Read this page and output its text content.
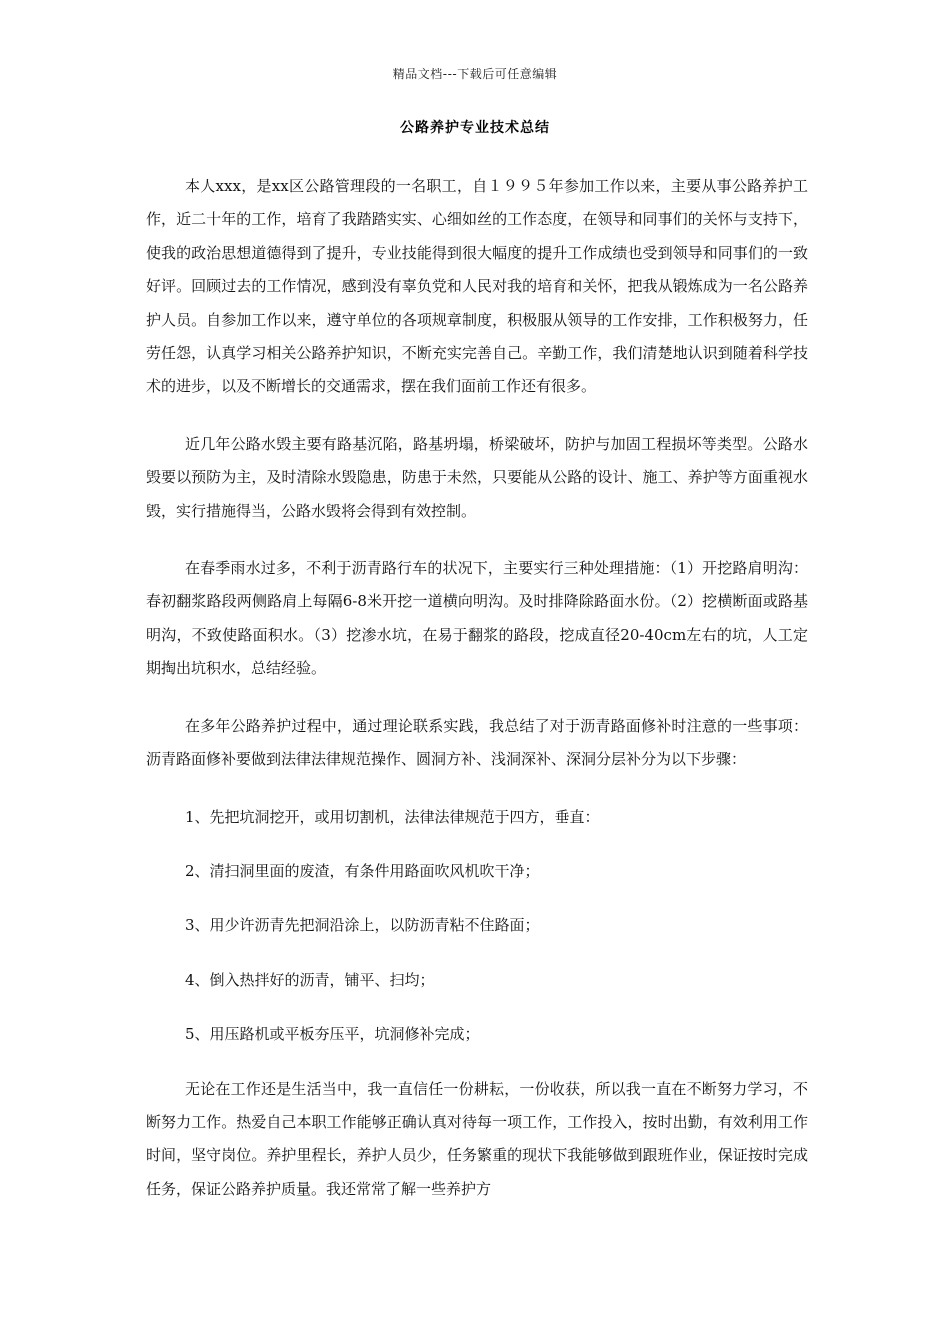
精品文档---下载后可任意编辑
公路养护专业技术总结

本人xxx，是xx区公路管理段的一名职工，自１９９５年参加工作以来，主要从事公路养护工作，近二十年的工作，培育了我踏踏实实、心细如丝的工作态度，在领导和同事们的关怀与支持下，使我的政治思想道德得到了提升，专业技能得到很大幅度的提升工作成绩也受到领导和同事们的一致好评。回顾过去的工作情况，感到没有辜负党和人民对我的培育和关怀，把我从锻炼成为一名公路养护人员。自参加工作以来，遵守单位的各项规章制度，积极服从领导的工作安排，工作积极努力，任劳任怨，认真学习相关公路养护知识，不断充实完善自己。辛勤工作，我们清楚地认识到随着科学技术的进步，以及不断增长的交通需求，摆在我们面前工作还有很多。

近几年公路水毁主要有路基沉陷，路基坍塌，桥梁破坏，防护与加固工程损坏等类型。公路水毁要以预防为主，及时清除水毁隐患，防患于未然，只要能从公路的设计、施工、养护等方面重视水毁，实行措施得当，公路水毁将会得到有效控制。

在春季雨水过多，不利于沥青路行车的状况下，主要实行三种处理措施：（1）开挖路肩明沟：春初翻浆路段两侧路肩上每隔6-8米开挖一道横向明沟。及时排降除路面水份。（2）挖横断面或路基明沟，不致使路面积水。（3）挖渗水坑，在易于翻浆的路段，挖成直径20-40cm左右的坑，人工定期掏出坑积水，总结经验。

在多年公路养护过程中，通过理论联系实践，我总结了对于沥青路面修补时注意的一些事项：沥青路面修补要做到法律法律规范操作、圆洞方补、浅洞深补、深洞分层补分为以下步骤：

1、先把坑洞挖开，或用切割机，法律法律规范于四方，垂直：

2、清扫洞里面的废渣，有条件用路面吹风机吹干净；

3、用少许沥青先把洞沿涂上，以防沥青粘不住路面；

4、倒入热拌好的沥青，铺平、扫均；

5、用压路机或平板夯压平，坑洞修补完成；

无论在工作还是生活当中，我一直信任一份耕耘，一份收获，所以我一直在不断努力学习，不断努力工作。热爱自己本职工作能够正确认真对待每一项工作，工作投入，按时出勤，有效利用工作时间，坚守岗位。养护里程长，养护人员少，任务繁重的现状下我能够做到跟班作业，保证按时完成任务，保证公路养护质量。我还常常了解一些养护方
